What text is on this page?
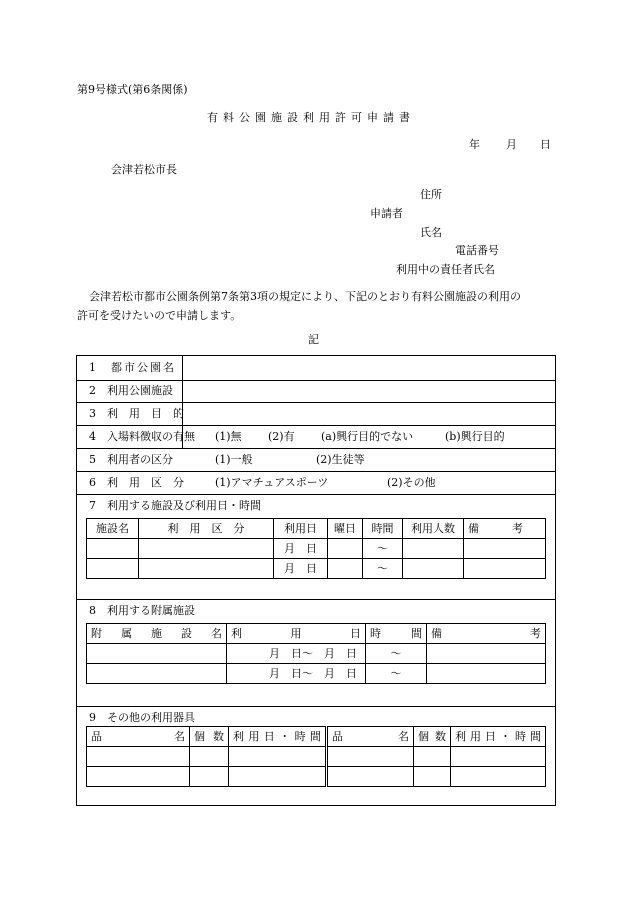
第9号様式(第6条関係)
有料公園施設利用許可申請書
年 月 日
会津若松市長
住所
申請者
氏名
電話番号
利用中の責任者氏名
会津若松市都市公園条例第7条第3項の規定により、下記のとおり有料公園施設の利用の
許可を受けたいので申請します。
記
1　都市公園名
2　利用公園施設
3　利　用　目　的
4　入場料徴収の有無 (1)無 (2)有 (a)興行目的でない	(b)興行目的
5　利用者の区分	(1)一般	(2)生徒等
6　利　用　区　分	(1)アマチュアスポーツ	(2)その他
7　利用する施設及び利用日・時間
施設名	利　用　区　分	利用日	曜日	時間	利用人数	備　　　考
		月　日		～		
		月　日		～		
8　利用する附属施設
附属施設名	利　用　日	時　間	備　　　　考
	月　日～　月　日	～	
	月　日～　月　日	～	
9　その他の利用器具
品名	個数	利用日・時間	品名	個数	利用日・時間
